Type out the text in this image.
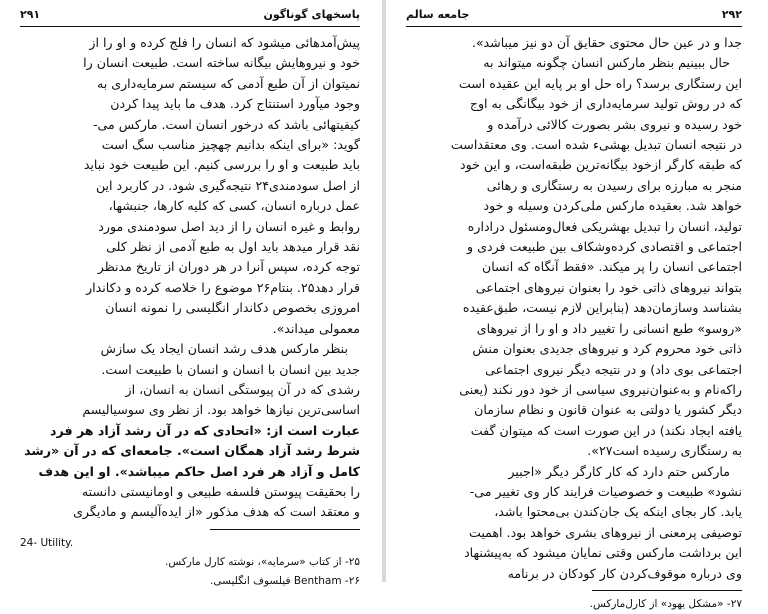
پاسخهای گوناگون
۲۹۱
پیش‌آمدهائی میشود که انسان را فلج کرده و او را از
خود و نیروهایش بیگانه ساخته است. طبیعت انسان را
نمیتوان از آن طبع آدمی که سیستم سرمایه‌داری به
وجود میآورد استنتاج کرد. هدف ما باید پیدا کردن
کیفیتهائی باشد که درخور انسان است. مارکس می-
گوید: «برای اینکه بدانیم چهچیز مناسب سگ است
باید طبیعت و او را بررسی کنیم. این طبیعت خود نباید
از اصل سودمندی۲۴ نتیجه‌گیری شود. در کاربرد این
عمل درباره انسان، کسی که کلیه کارها، جنبشها،
روابط و غیره انسان را از دید اصل سودمندی مورد
نقد قرار میدهد باید اول به طبع آدمی از نظر کلی
توجه کرده، سپس آنرا در هر دوران از تاریخ مدنظر
قرار دهد۲۵. بنتام۲۶ موضوع را خلاصه کرده و دکاندار
امروزی بخصوص دکاندار انگلیسی را نمونه انسان
معمولی میداند».
بنظر مارکس هدف رشد انسان ایجاد یک سازش
جدید بین انسان با انسان و انسان با طبیعت است.
رشدی که در آن پیوستگی انسان به انسان، از
اساسی‌ترین نیازها خواهد بود. از نظر وی سوسیالیسم
عبارت است از: «اتحادی که در آن رشد آزاد هر فرد
شرط رشد آزاد همگان است». جامعه‌ای که در آن «رشد
کامل و آزاد هر فرد اصل حاکم میباشد». او این هدف
را بحقیقت پیوستن فلسفه طبیعی و اومانیستی دانسته
و معتقد است که هدف مذکور «از ایده‌آلیسم و مادیگری
24- Utility.
۲۵- از کتاب «سرمایه»، نوشته کارل مارکس.
۲۶- Bentham فیلسوف انگلیسی.
۲۹۲
جامعه سالم
جدا و در عین حال محتوی حقایق آن دو نیز میباشد».
حال ببینیم بنظر مارکس انسان چگونه میتواند به
این رستگاری برسد؟ راه حل او بر پایه این عقیده است
که در روش تولید سرمایه‌داری از خود بیگانگی به اوج
خود رسیده و نیروی بشر بصورت کالائی درآمده و
در نتیجه انسان تبدیل بهشیء شده است. وی معتقداست
که طبقه کارگر ازخود بیگانه‌ترین طبقه‌است، و این خود
منجر به مبارزه برای رسیدن به رستگاری و رهائی
خواهد شد. بعقیده مارکس ملی‌کردن وسیله و خود
تولید، انسان را تبدیل بهشریکی فعال‌ومسئول دراداره
اجتماعی و اقتصادی کرده‌وشکاف بین طبیعت فردی و
اجتماعی انسان را پر میکند. «فقط آنگاه که انسان
بتواند نیروهای ذاتی خود را بعنوان نیروهای اجتماعی
بشناسد وسازمان‌دهد (بنابراین لازم نیست، طبق‌عقیده
«روسو» طبع انسانی را تغییر داد و او را از نیروهای
ذاتی خود محروم کرد و نیروهای جدیدی بعنوان منش
اجتماعی بوی داد) و در نتیجه دیگر نیروی اجتماعی
راکه‌نام و به‌عنوان‌نیروی سیاسی از خود دور نکند (یعنی
دیگر کشور یا دولتی به عنوان قانون و نظام سازمان
یافته ایجاد نکند) در این صورت است که میتوان گفت
به رستگاری رسیده است۲۷».
مارکس حتم دارد که کار کارگر دیگر «اجبیر
نشود» طبیعت و خصوصیات فرایند کار وی تغییر می-
یابد. کار بجای اینکه یک جان‌کندن بی‌محتوا باشد،
توصیفی پرمعنی از نیروهای بشری خواهد بود. اهمیت
این برداشت مارکس وقتی نمایان میشود که به‌پیشنهاد
وی درباره موقوف‌کردن کار کودکان در برنامه
۲۷- «مشکل یهود» از کارل‌مارکس.
